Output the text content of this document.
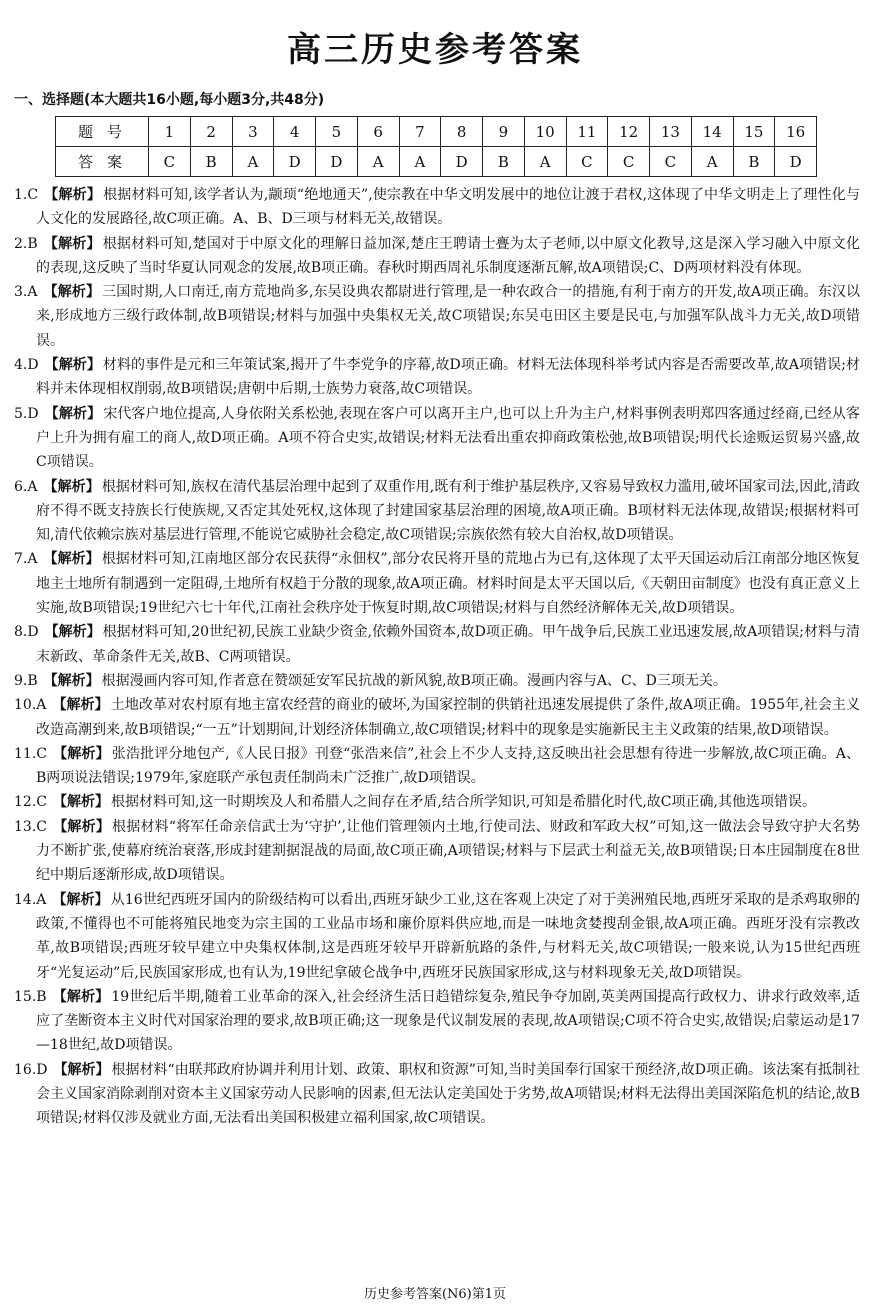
高三历史参考答案
一、选择题(本大题共16小题,每小题3分,共48分)
题号	1	2	3	4	5	6	7	8	9	10	11	12	13	14	15	16
答案	C	B	A	D	D	A	A	D	B	A	C	C	C	A	B	D

1.C 【解析】 根据材料可知,该学者认为,颛顼“绝地通天”,使宗教在中华文明发展中的地位让渡于君权,这体现了中华文明走上了理性化与人文化的发展路径,故C项正确。A、B、D三项与材料无关,故错误。

2.B 【解析】 根据材料可知,楚国对于中原文化的理解日益加深,楚庄王聘请士亹为太子老师,以中原文化教导,这是深入学习融入中原文化的表现,这反映了当时华夏认同观念的发展,故B项正确。春秋时期西周礼乐制度逐渐瓦解,故A项错误;C、D两项材料没有体现。

3.A 【解析】 三国时期,人口南迁,南方荒地尚多,东吴设典农都尉进行管理,是一种农政合一的措施,有利于南方的开发,故A项正确。东汉以来,形成地方三级行政体制,故B项错误;材料与加强中央集权无关,故C项错误;东吴屯田区主要是民屯,与加强军队战斗力无关,故D项错误。

4.D 【解析】 材料的事件是元和三年策试案,揭开了牛李党争的序幕,故D项正确。材料无法体现科举考试内容是否需要改革,故A项错误;材料并未体现相权削弱,故B项错误;唐朝中后期,士族势力衰落,故C项错误。

5.D 【解析】 宋代客户地位提高,人身依附关系松弛,表现在客户可以离开主户,也可以上升为主户,材料事例表明郑四客通过经商,已经从客户上升为拥有雇工的商人,故D项正确。A项不符合史实,故错误;材料无法看出重农抑商政策松弛,故B项错误;明代长途贩运贸易兴盛,故C项错误。

6.A 【解析】 根据材料可知,族权在清代基层治理中起到了双重作用,既有利于维护基层秩序,又容易导致权力滥用,破坏国家司法,因此,清政府不得不既支持族长行使族规,又否定其处死权,这体现了封建国家基层治理的困境,故A项正确。B项材料无法体现,故错误;根据材料可知,清代依赖宗族对基层进行管理,不能说它威胁社会稳定,故C项错误;宗族依然有较大自治权,故D项错误。

7.A 【解析】 根据材料可知,江南地区部分农民获得“永佃权”,部分农民将开垦的荒地占为已有,这体现了太平天国运动后江南部分地区恢复地主土地所有制遇到一定阻碍,土地所有权趋于分散的现象,故A项正确。材料时间是太平天国以后,《天朝田亩制度》也没有真正意义上实施,故B项错误;19世纪六七十年代,江南社会秩序处于恢复时期,故C项错误;材料与自然经济解体无关,故D项错误。

8.D 【解析】 根据材料可知,20世纪初,民族工业缺少资金,依赖外国资本,故D项正确。甲午战争后,民族工业迅速发展,故A项错误;材料与清末新政、革命条件无关,故B、C两项错误。

9.B 【解析】 根据漫画内容可知,作者意在赞颂延安军民抗战的新风貌,故B项正确。漫画内容与A、C、D三项无关。

10.A 【解析】 土地改革对农村原有地主富农经营的商业的破坏,为国家控制的供销社迅速发展提供了条件,故A项正确。1955年,社会主义改造高潮到来,故B项错误;“一五”计划期间,计划经济体制确立,故C项错误;材料中的现象是实施新民主主义政策的结果,故D项错误。

11.C 【解析】 张浩批评分地包产,《人民日报》刊登“张浩来信”,社会上不少人支持,这反映出社会思想有待进一步解放,故C项正确。A、B两项说法错误;1979年,家庭联产承包责任制尚未广泛推广,故D项错误。

12.C 【解析】 根据材料可知,这一时期埃及人和希腊人之间存在矛盾,结合所学知识,可知是希腊化时代,故C项正确,其他选项错误。

13.C 【解析】 根据材料“将军任命亲信武士为‘守护’,让他们管理领内土地,行使司法、财政和军政大权”可知,这一做法会导致守护大名势力不断扩张,使幕府统治衰落,形成封建割据混战的局面,故C项正确,A项错误;材料与下层武士利益无关,故B项错误;日本庄园制度在8世纪中期后逐渐形成,故D项错误。

14.A 【解析】 从16世纪西班牙国内的阶级结构可以看出,西班牙缺少工业,这在客观上决定了对于美洲殖民地,西班牙采取的是杀鸡取卵的政策,不懂得也不可能将殖民地变为宗主国的工业品市场和廉价原料供应地,而是一味地贪婪搜刮金银,故A项正确。西班牙没有宗教改革,故B项错误;西班牙较早建立中央集权体制,这是西班牙较早开辟新航路的条件,与材料无关,故C项错误;一般来说,认为15世纪西班牙“光复运动”后,民族国家形成,也有认为,19世纪拿破仑战争中,西班牙民族国家形成,这与材料现象无关,故D项错误。

15.B 【解析】 19世纪后半期,随着工业革命的深入,社会经济生活日趋错综复杂,殖民争夺加剧,英美两国提高行政权力、讲求行政效率,适应了垄断资本主义时代对国家治理的要求,故B项正确;这一现象是代议制发展的表现,故A项错误;C项不符合史实,故错误;启蒙运动是17—18世纪,故D项错误。

16.D 【解析】 根据材料“由联邦政府协调并利用计划、政策、职权和资源”可知,当时美国奉行国家干预经济,故D项正确。该法案有抵制社会主义国家消除剥削对资本主义国家劳动人民影响的因素,但无法认定美国处于劣势,故A项错误;材料无法得出美国深陷危机的结论,故B项错误;材料仅涉及就业方面,无法看出美国积极建立福利国家,故C项错误。

历史参考答案(N6)第1页
